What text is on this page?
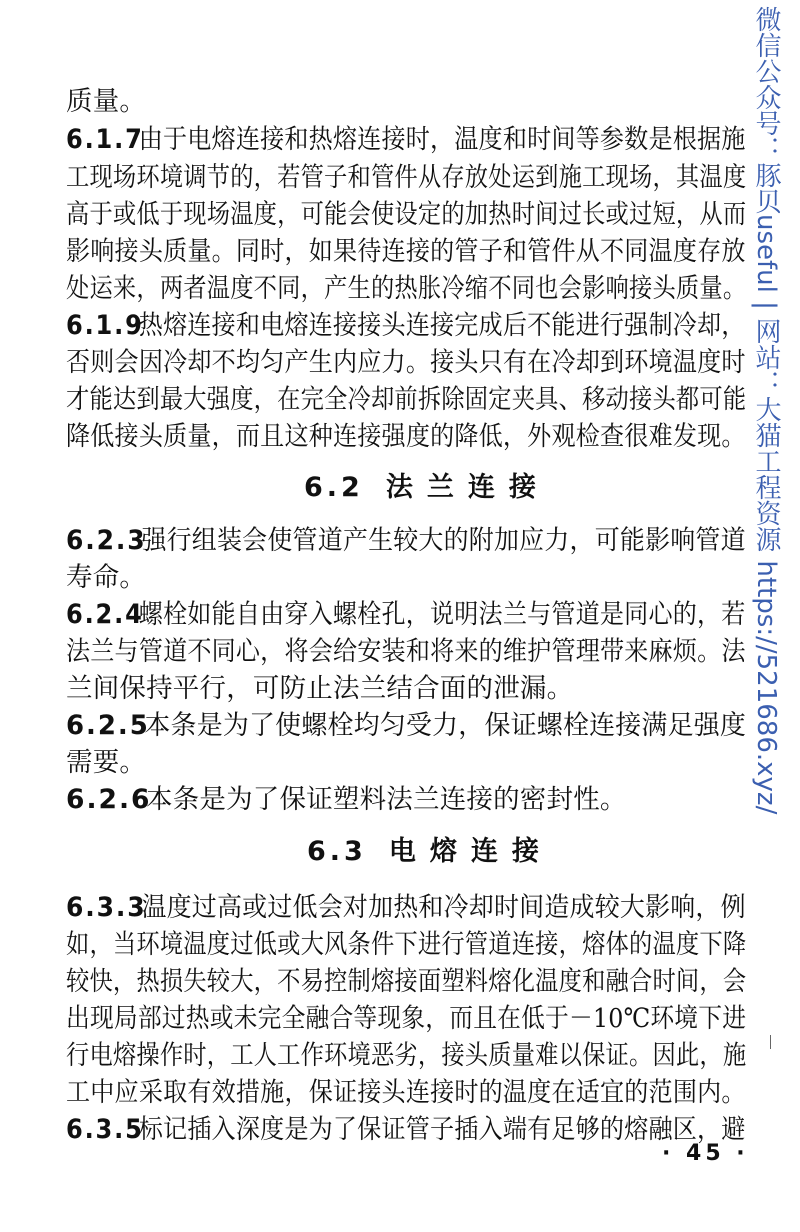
质量。
6.1.7由于电熔连接和热熔连接时，温度和时间等参数是根据施
工现场环境调节的，若管子和管件从存放处运到施工现场，其温度
高于或低于现场温度，可能会使设定的加热时间过长或过短，从而
影响接头质量。同时，如果待连接的管子和管件从不同温度存放
处运来，两者温度不同，产生的热胀冷缩不同也会影响接头质量。
6.1.9热熔连接和电熔连接接头连接完成后不能进行强制冷却，
否则会因冷却不均匀产生内应力。接头只有在冷却到环境温度时
才能达到最大强度，在完全冷却前拆除固定夹具、移动接头都可能
降低接头质量，而且这种连接强度的降低，外观检查很难发现。
6.2 法兰连接
6.2.3强行组装会使管道产生较大的附加应力，可能影响管道
寿命。
6.2.4螺栓如能自由穿入螺栓孔，说明法兰与管道是同心的，若
法兰与管道不同心，将会给安装和将来的维护管理带来麻烦。法
兰间保持平行，可防止法兰结合面的泄漏。
6.2.5本条是为了使螺栓均匀受力，保证螺栓连接满足强度
需要。
6.2.6本条是为了保证塑料法兰连接的密封性。
6.3 电熔连接
6.3.3温度过高或过低会对加热和冷却时间造成较大影响，例
如，当环境温度过低或大风条件下进行管道连接，熔体的温度下降
较快，热损失较大，不易控制熔接面塑料熔化温度和融合时间，会
出现局部过热或未完全融合等现象，而且在低于－10℃环境下进
行电熔操作时，工人工作环境恶劣，接头质量难以保证。因此，施
工中应采取有效措施，保证接头连接时的温度在适宜的范围内。
6.3.5标记插入深度是为了保证管子插入端有足够的熔融区，避
· 45 ·
微信公众号：豚贝useful | 网站：大猫工程资源 https://521686.xyz/
